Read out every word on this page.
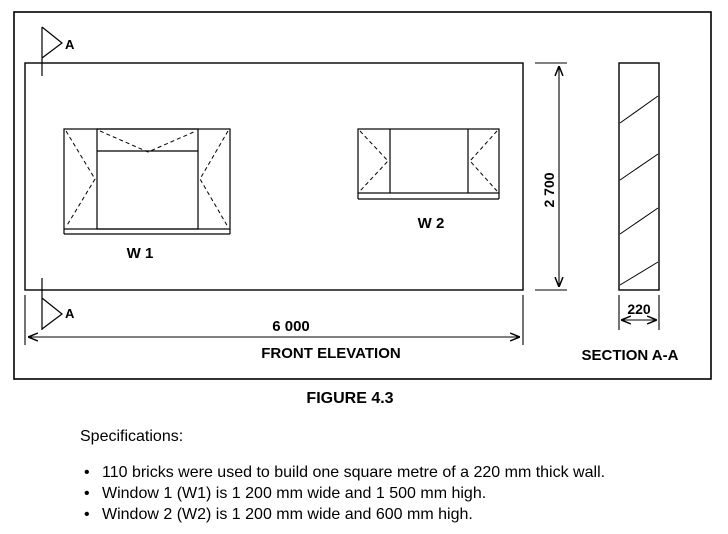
A
A
W 1
W 2
2 700
6 000
FRONT ELEVATION
220
SECTION A-A
FIGURE 4.3
Specifications:
• 110 bricks were used to build one square metre of a 220 mm thick wall.
• Window 1 (W1) is 1 200 mm wide and 1 500 mm high.
• Window 2 (W2) is 1 200 mm wide and 600 mm high.
